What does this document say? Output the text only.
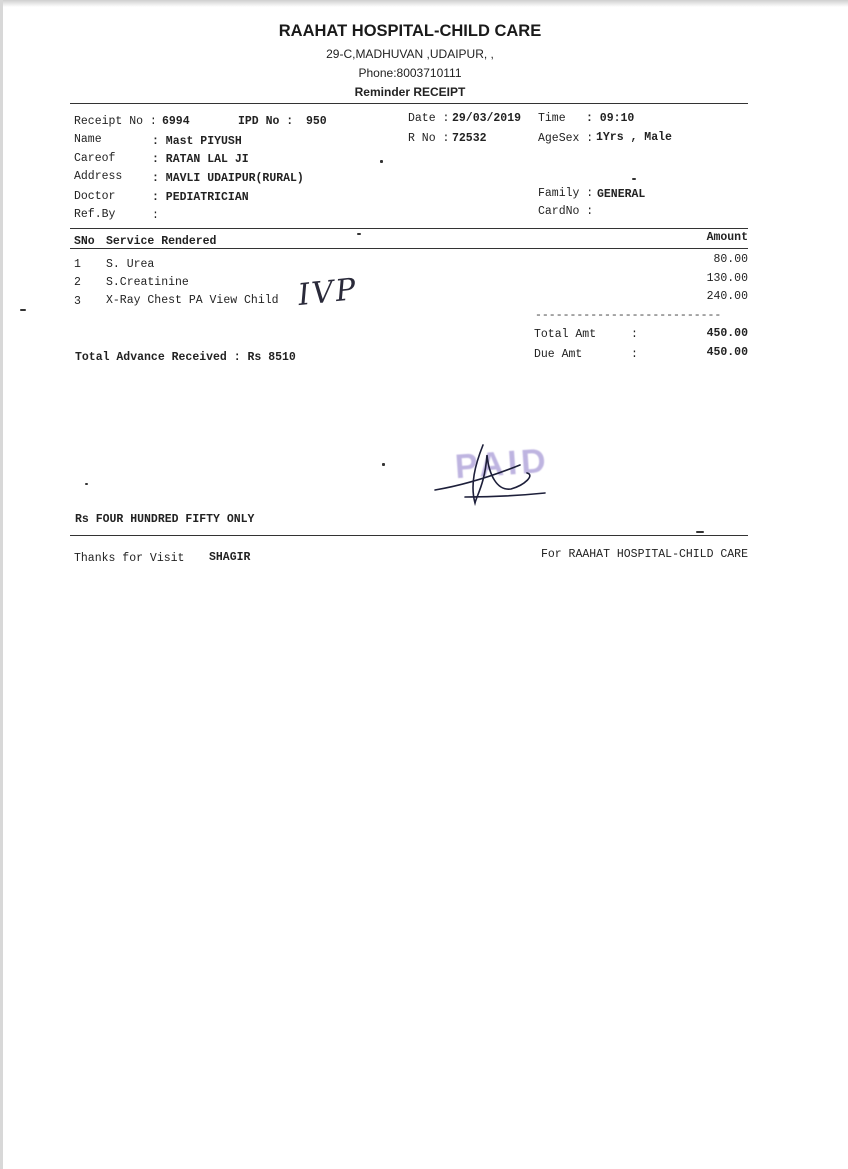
RAAHAT HOSPITAL-CHILD CARE
29-C,MADHUVAN ,UDAIPUR, ,
Phone:8003710111
Reminder RECEIPT
Receipt No : 6994	IPD No : 950	Date : 29/03/2019 Time : 09:10
Name	: Mast PIYUSH	R No : 72532	AgeSex : 1Yrs , Male
Careof	: RATAN LAL JI
Address	: MAVLI UDAIPUR(RURAL)
Doctor	: PEDIATRICIAN	Family : GENERAL
Ref.By	:	CardNo :
SNo Service Rendered	Amount
1 S. Urea	80.00
2 S.Creatinine	130.00
3 X-Ray Chest PA View Child	240.00
IVP
---------------------------
Total Amt	:	450.00
Due Amt	:	450.00
Total Advance Received : Rs 8510
PAID
Rs FOUR HUNDRED FIFTY ONLY
Thanks for Visit SHAGIR	For RAAHAT HOSPITAL-CHILD CARE
